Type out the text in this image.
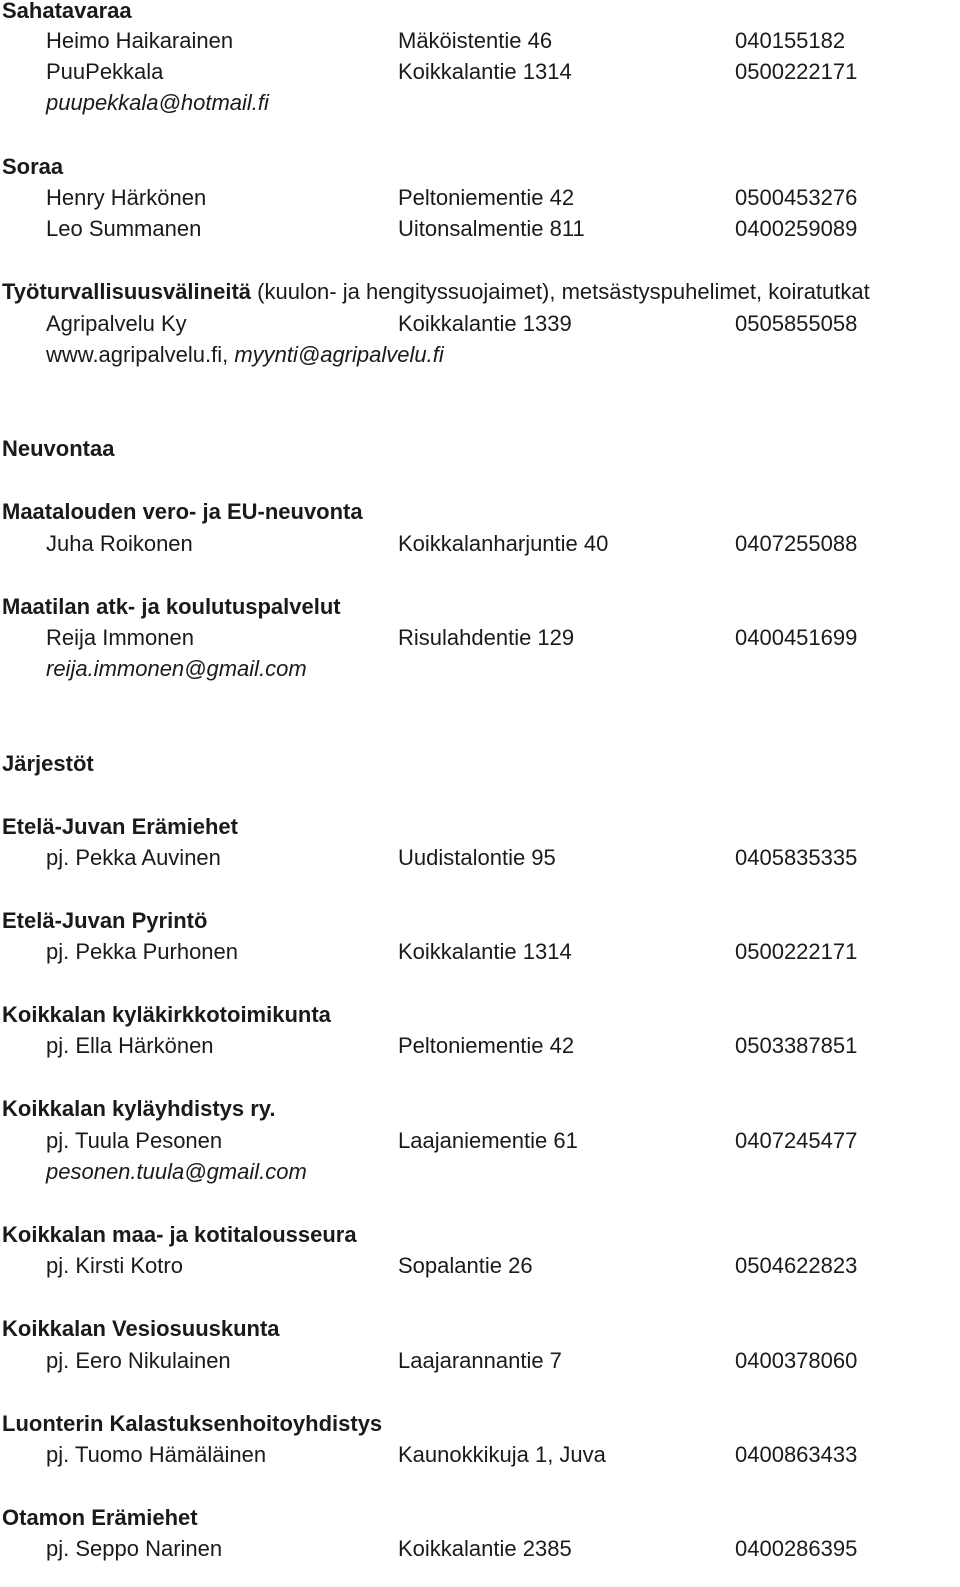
Sahatavaraa
Heimo Haikarainen	Mäköistentie 46	040155182
PuuPekkala	Koikkalantie 1314	0500222171
puupekkala@hotmail.fi
Soraa
Henry Härkönen	Peltoniementie 42	0500453276
Leo Summanen	Uitonsalmentie 811	0400259089
Työturvallisuusvälineitä (kuulon- ja hengityssuojaimet), metsästyspuhelimet, koiratutkat
Agripalvelu Ky	Koikkalantie 1339	0505855058
www.agripalvelu.fi, myynti@agripalvelu.fi
Neuvontaa
Maatalouden vero- ja EU-neuvonta
Juha Roikonen	Koikkalanharjuntie 40	0407255088
Maatilan atk- ja koulutuspalvelut
Reija Immonen	Risulahdentie 129	0400451699
reija.immonen@gmail.com
Järjestöt
Etelä-Juvan Erämiehet
pj. Pekka Auvinen	Uudistalontie 95	0405835335
Etelä-Juvan Pyrintö
pj. Pekka Purhonen	Koikkalantie 1314	0500222171
Koikkalan kyläkirkkotoimikunta
pj. Ella Härkönen	Peltoniementie 42	0503387851
Koikkalan kyläyhdistys ry.
pj. Tuula Pesonen	Laajaniementie 61	0407245477
pesonen.tuula@gmail.com
Koikkalan maa- ja kotitalousseura
pj. Kirsti Kotro	Sopalantie 26	0504622823
Koikkalan Vesiosuuskunta
pj. Eero Nikulainen	Laajarannantie 7	0400378060
Luonterin Kalastuksenhoitoyhdistys
pj. Tuomo Hämäläinen	Kaunokkikuja 1, Juva	0400863433
Otamon Erämiehet
pj. Seppo Narinen	Koikkalantie 2385	0400286395
